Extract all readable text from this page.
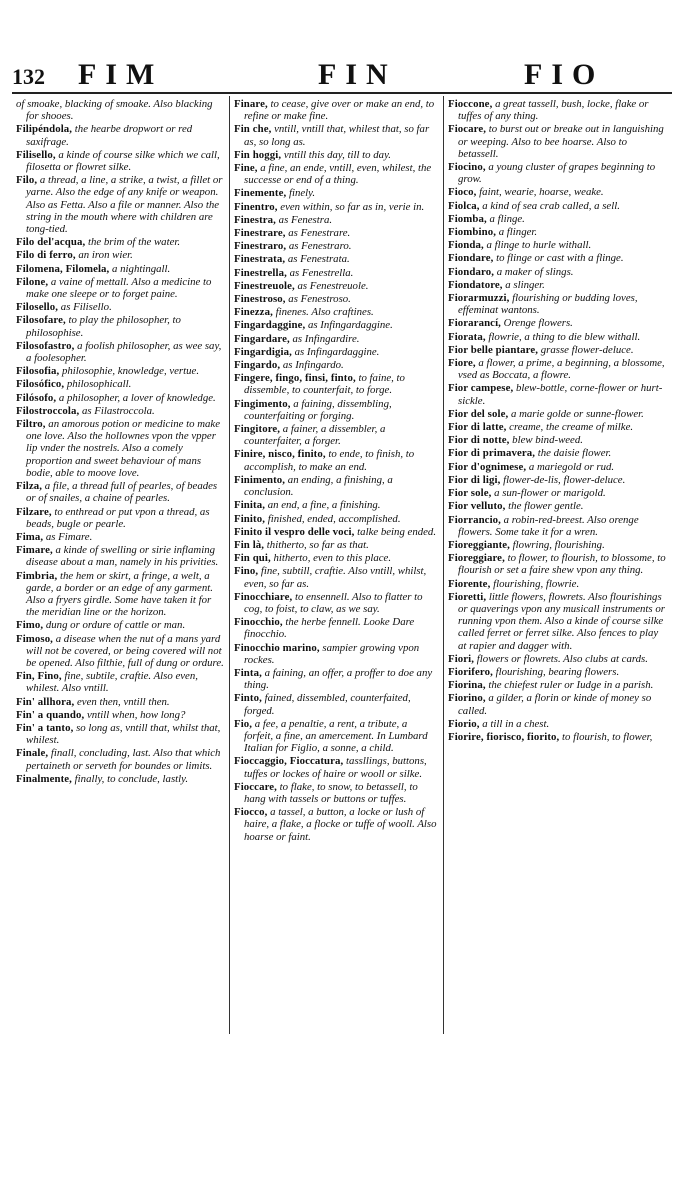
132 FIM	FIN	FIO
of smoake, blacking of smoake. Also blacking for shooes.
Filipéndola, the hearbe dropwort or red saxifrage.
Filisello, a kinde of course silke which we call, filosetta or flowret silke.
Filo, a thread, a line, a strike, a twist, a fillet or yarne. Also the edge of any knife or weapon. Also as Fetta. Also a file or manner. Also the string in the mouth where with children are tong-tied.
Filo del'acqua, the brim of the water.
Filo di ferro, an iron wier.
Filomena, Filomela, a nightingall.
Filone, a vaine of mettall. Also a medicine to make one sleepe or to forget paine.
Filosello, as Filisello.
Filosofare, to play the philosopher, to philosophise.
Filosofastro, a foolish philosopher, as wee say, a foolesopher.
Filosofia, philosophie, knowledge, vertue.
Filosófico, philosophicall.
Filósofo, a philosopher, a lover of knowledge.
Filostroccola, as Filastroccola.
Filtro, an amorous potion or medicine to make one love. Also the hollownes vpon the vpper lip vnder the nostrels. Also a comely proportion and sweet behaviour of mans bodie, able to moove love.
Filza, a file, a thread full of pearles, of beades or of snailes, a chaine of pearles.
Filzare, to enthread or put vpon a thread, as beads, bugle or pearle.
Fima, as Fimare.
Fimare, a kinde of swelling or sirie inflaming disease about a man, namely in his privities.
Fimbria, the hem or skirt, a fringe, a welt, a garde, a border or an edge of any garment. Also a fryers girdle. Some have taken it for the meridian line or the horizon.
Fimo, dung or ordure of cattle or man.
Fimoso, a disease when the nut of a mans yard will not be covered, or being covered will not be opened. Also filthie, full of dung or ordure.
Fin, Fino, fine, subtile, craftie. Also even, whilest. Also vntill.
Fin' allhora, even then, vntill then.
Fin' a quando, vntill when, how long?
Fin' a tanto, so long as, vntill that, whilst that, whilest.
Finale, finall, concluding, last. Also that which pertaineth or serveth for boundes or limits.
Finalmente, finally, to conclude, lastly.
Finare, to cease, give over or make an end, to refine or make fine.
Fin che, vntill, vntill that, whilest that, so far as, so long as.
Fin hoggi, vntill this day, till to day.
Fine, a fine, an ende, vntill, even, whilest, the successe or end of a thing.
Finemente, finely.
Finentro, even within, so far as in, verie in.
Finestra, as Fenestra.
Finestrare, as Fenestrare.
Finestraro, as Fenestraro.
Finestrata, as Fenestrata.
Finestrella, as Fenestrella.
Finestreuole, as Fenestreuole.
Finestroso, as Fenestroso.
Finezza, finenes. Also craftines.
Fingardaggine, as Infingardaggine.
Fingardare, as Infingardire.
Fingardigia, as Infingardaggine.
Fingardo, as Infingardo.
Fingere, fingo, finsi, finto, to faine, to dissemble, to counterfait, to forge.
Fingimento, a faining, dissembling, counterfaiting or forging.
Fingitore, a fainer, a dissembler, a counterfaiter, a forger.
Finire, nisco, finito, to ende, to finish, to accomplish, to make an end.
Finimento, an ending, a finishing, a conclusion.
Finita, an end, a fine, a finishing.
Finito, finished, ended, accomplished.
Finito il vespro delle voci, talke being ended.
Fin là, thitherto, so far as that.
Fin qui, hitherto, even to this place.
Fino, fine, subtill, craftie. Also vntill, whilst, even, so far as.
Finocchiare, to ensennell. Also to flatter to cog, to foist, to claw, as we say.
Finocchio, the herbe fennell. Looke Dare finocchio.
Finocchio marino, sampier growing vpon rockes.
Finta, a faining, an offer, a proffer to doe any thing.
Finto, fained, dissembled, counterfaited, forged.
Fio, a fee, a penaltie, a rent, a tribute, a forfeit, a fine, an amercement. In Lumbard Italian for Figlio, a sonne, a child.
Fioccaggio, Fioccatura, tassllings, buttons, tuffes or lockes of haire or wooll or silke.
Fioccare, to flake, to snow, to betassell, to hang with tassels or buttons or tuffes.
Fiocco, a tassel, a button, a locke or lush of haire, a flake, a flocke or tuffe of wooll. Also hoarse or faint.
Fioccone, a great tassell, bush, locke, flake or tuffes of any thing.
Fiocare, to burst out or breake out in languishing or weeping. Also to bee hoarse. Also to betassell.
Fiocino, a young cluster of grapes beginning to grow.
Fioco, faint, wearie, hoarse, weake.
Fiolca, a kind of sea crab called, a sell.
Fiomba, a flinge.
Fiombino, a flinger.
Fionda, a flinge to hurle withall.
Fiondare, to flinge or cast with a flinge.
Fiondaro, a maker of slings.
Fiondatore, a slinger.
Fiorarmuzzi, flourishing or budding loves, effeminat wantons.
Fiorarancí, Orenge flowers.
Fiorata, flowrie, a thing to die blew withall.
Fior belle piantare, grasse flower-deluce.
Fiore, a flower, a prime, a beginning, a blossome, vsed as Boccata, a flowre.
Fior campese, blew-bottle, corne-flower or hurt-sickle.
Fior del sole, a marie golde or sunne-flower.
Fior di latte, creame, the creame of milke.
Fior di notte, blew bind-weed.
Fior di primavera, the daisie flower.
Fior d'ognimese, a mariegold or rud.
Fior di ligi, flower-de-lis, flower-deluce.
Fior sole, a sun-flower or marigold.
Fior velluto, the flower gentle.
Fiorrancio, a robin-red-breest. Also orenge flowers. Some take it for a wren.
Fioreggiante, flowring, flourishing.
Fioreggiare, to flower, to flourish, to blossome, to flourish or set a faire shew vpon any thing.
Fiorente, flourishing, flowrie.
Fioretti, little flowers, flowrets. Also flourishings or quaverings vpon any musicall instruments or running vpon them. Also a kinde of course silke called ferret or ferret silke. Also fences to play at rapier and dagger with.
Fiori, flowers or flowrets. Also clubs at cards.
Fiorifero, flourishing, bearing flowers.
Fiorina, the chiefest ruler or Iudge in a parish.
Fiorino, a gilder, a florin or kinde of money so called.
Fiorio, a till in a chest.
Fiorire, fiorisco, fiorito, to flourish, to flower,
